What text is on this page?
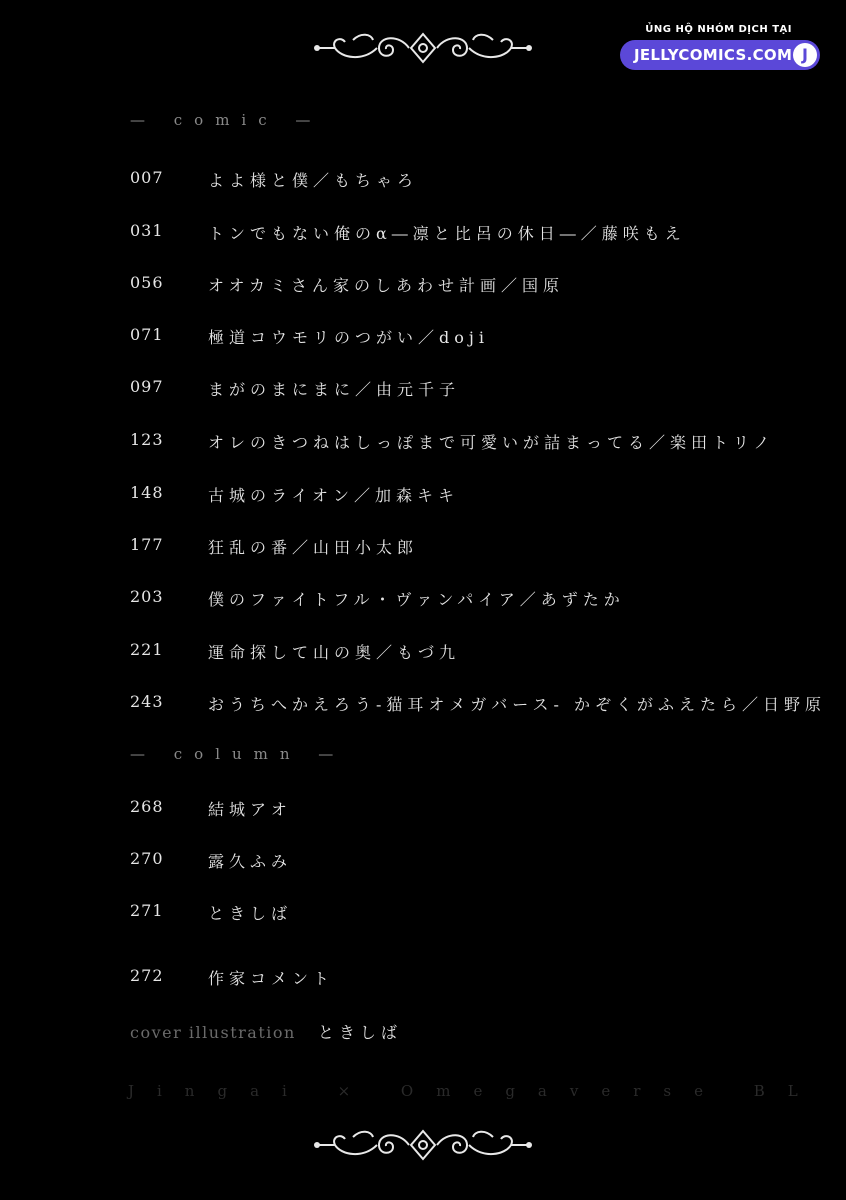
ỦNG HỘ NHÓM DỊCH TẠI
JELLYCOMICS.COM J
— comic —
007	よよ様と僕／もちゃろ
031	トンでもない俺のα―凛と比呂の休日―／藤咲もえ
056	オオカミさん家のしあわせ計画／国原
071	極道コウモリのつがい／doji
097	まがのまにまに／由元千子
123	オレのきつねはしっぽまで可愛いが詰まってる／楽田トリノ
148	古城のライオン／加森キキ
177	狂乱の番／山田小太郎
203	僕のファイトフル・ヴァンパイア／あずたか
221	運命探して山の奥／もづ九
243	おうちへかえろう-猫耳オメガバース- かぞくがふえたら／日野原
— column —
268	結城アオ
270	露久ふみ
271	ときしば
272	作家コメント
cover illustration ときしば
Jingai × Omegaverse BL
